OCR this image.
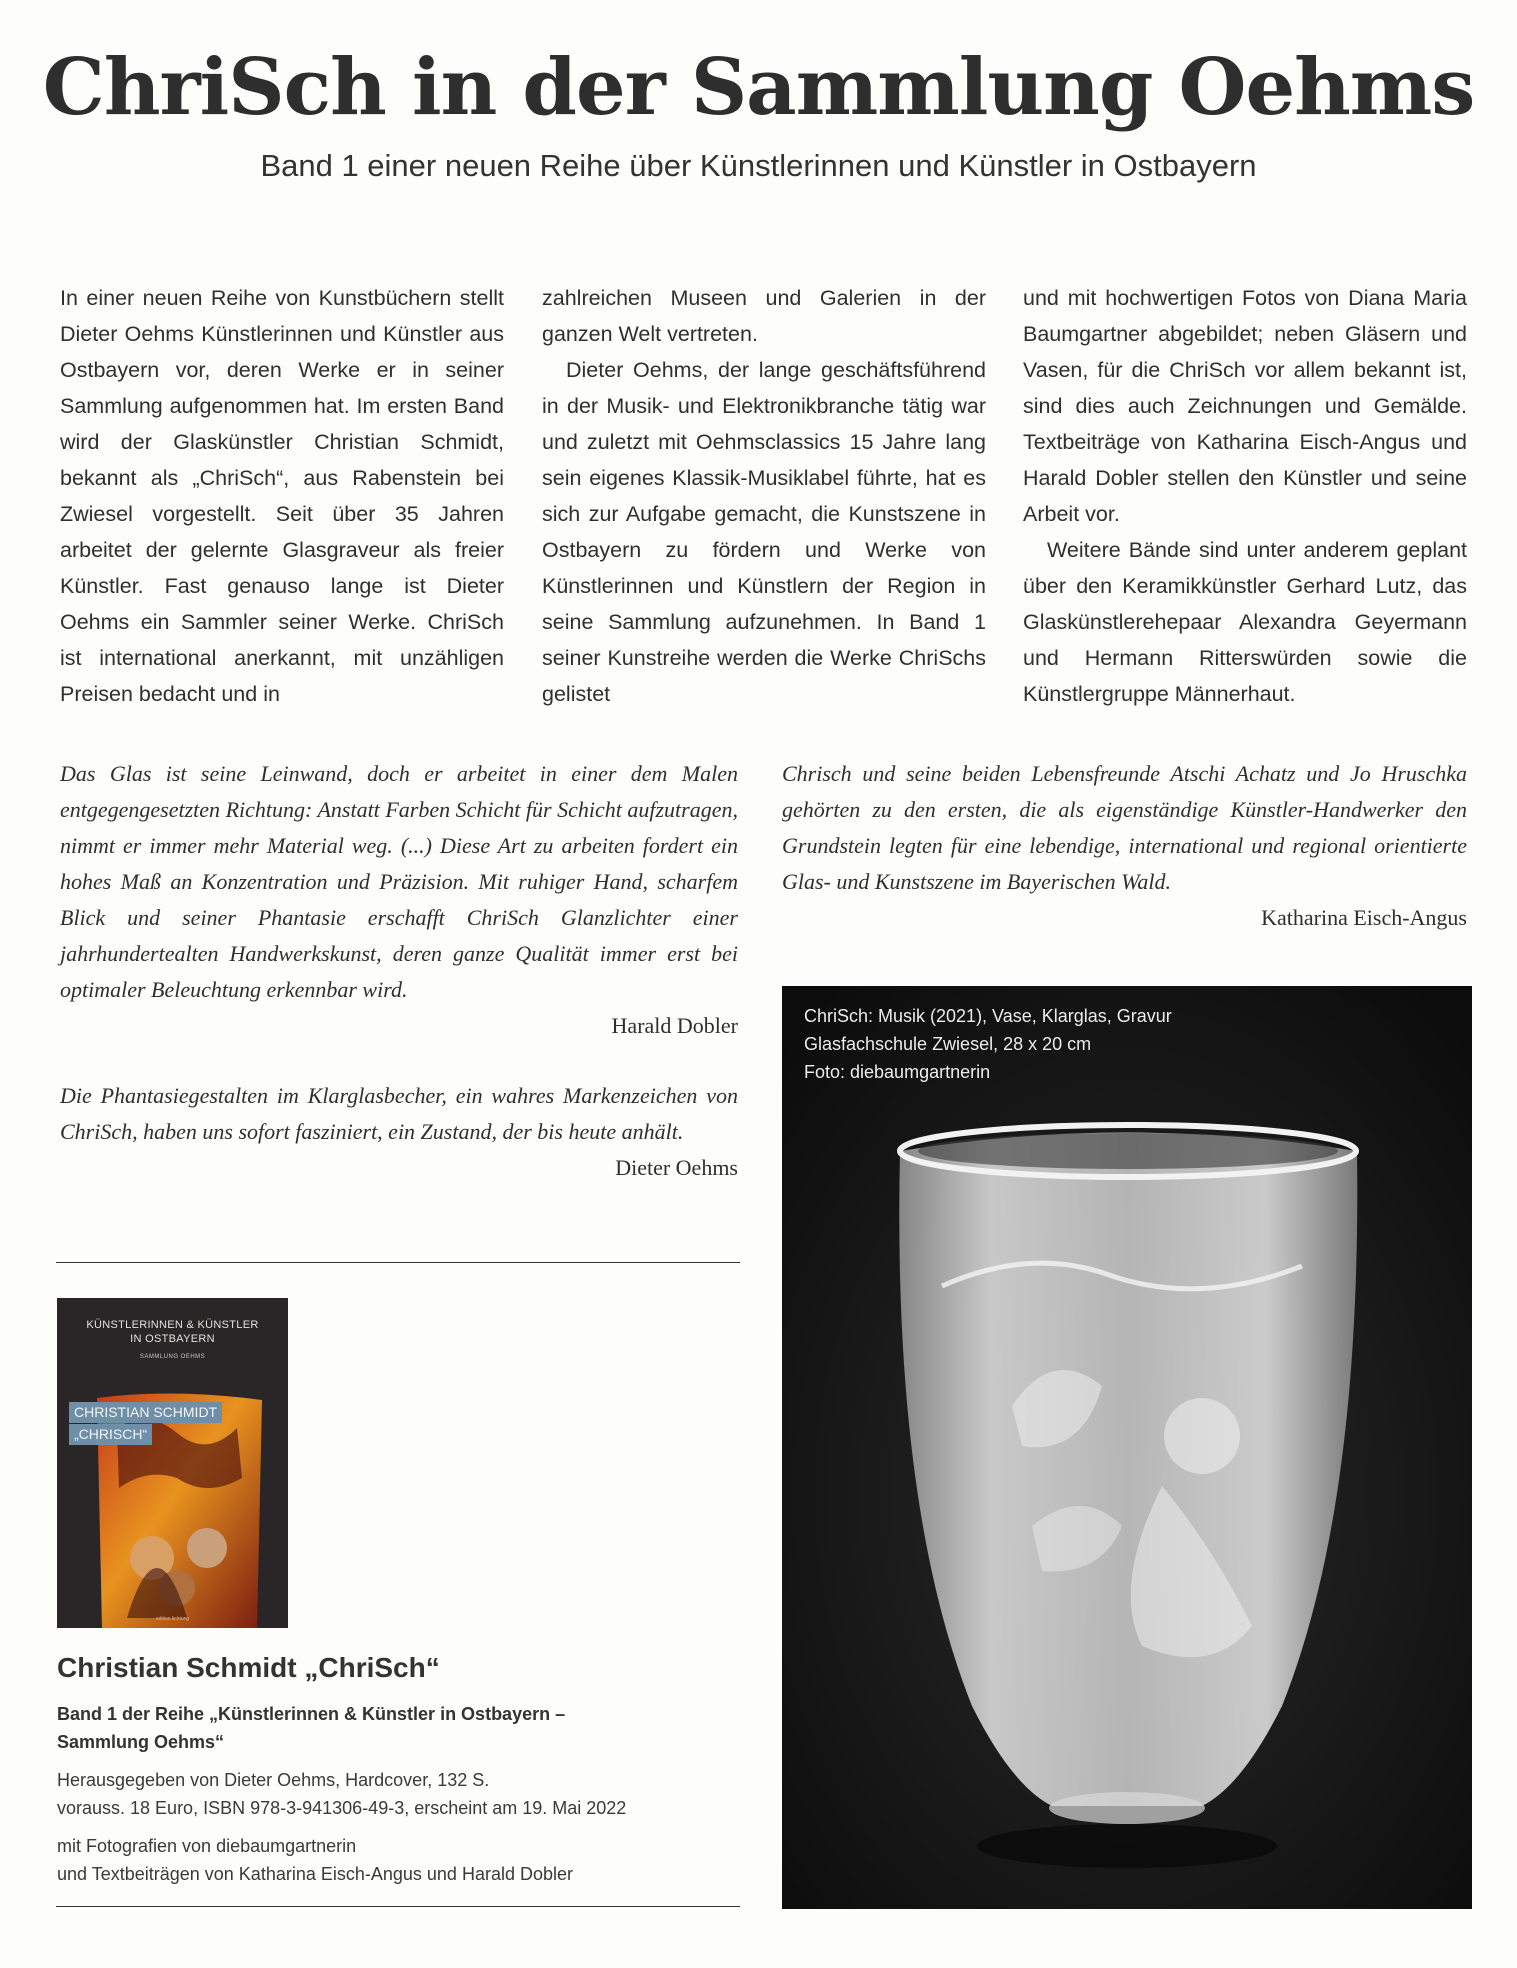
ChriSch in der Sammlung Oehms

Band 1 einer neuen Reihe über Künstlerinnen und Künstler in Ostbayern

In einer neuen Reihe von Kunstbüchern stellt Dieter Oehms Künstlerinnen und Künstler aus Ostbayern vor, deren Werke er in seiner Sammlung aufgenommen hat. Im ersten Band wird der Glaskünstler Christian Schmidt, bekannt als „ChriSch“, aus Rabenstein bei Zwiesel vorgestellt. Seit über 35 Jahren arbeitet der gelernte Glasgraveur als freier Künstler. Fast genauso lange ist Dieter Oehms ein Sammler seiner Werke. ChriSch ist international anerkannt, mit unzähligen Preisen bedacht und in

zahlreichen Museen und Galerien in der ganzen Welt vertreten.

Dieter Oehms, der lange geschäftsführend in der Musik- und Elektronikbranche tätig war und zuletzt mit Oehmsclassics 15 Jahre lang sein eigenes Klassik-Musiklabel führte, hat es sich zur Aufgabe gemacht, die Kunstszene in Ostbayern zu fördern und Werke von Künstlerinnen und Künstlern der Region in seine Sammlung aufzunehmen. In Band 1 seiner Kunstreihe werden die Werke ChriSchs gelistet

und mit hochwertigen Fotos von Diana Maria Baumgartner abgebildet; neben Gläsern und Vasen, für die ChriSch vor allem bekannt ist, sind dies auch Zeichnungen und Gemälde. Textbeiträge von Katharina Eisch-Angus und Harald Dobler stellen den Künstler und seine Arbeit vor.

Weitere Bände sind unter anderem geplant über den Keramikkünstler Gerhard Lutz, das Glaskünstlerehepaar Alexandra Geyermann und Hermann Ritterswürden sowie die Künstlergruppe Männerhaut.

Das Glas ist seine Leinwand, doch er arbeitet in einer dem Malen entgegengesetzten Richtung: Anstatt Farben Schicht für Schicht aufzutragen, nimmt er immer mehr Material weg. (...) Diese Art zu arbeiten fordert ein hohes Maß an Konzentration und Präzision. Mit ruhiger Hand, scharfem Blick und seiner Phantasie erschafft ChriSch Glanzlichter einer jahrhundertealten Handwerkskunst, deren ganze Qualität immer erst bei optimaler Beleuchtung erkennbar wird.

Harald Dobler

Die Phantasiegestalten im Klarglasbecher, ein wahres Markenzeichen von ChriSch, haben uns sofort fasziniert, ein Zustand, der bis heute anhält.

Dieter Oehms

Chrisch und seine beiden Lebensfreunde Atschi Achatz und Jo Hruschka gehörten zu den ersten, die als eigenständige Künstler-Handwerker den Grundstein legten für eine lebendige, international und regional orientierte Glas- und Kunstszene im Bayerischen Wald.

Katharina Eisch-Angus

KÜNSTLERINNEN & KÜNSTLER
IN OSTBAYERN
SAMMLUNG OEHMS
CHRISTIAN SCHMIDT
„CHRISCH“
edition lichtung

Christian Schmidt „ChriSch“

Band 1 der Reihe „Künstlerinnen & Künstler in Ostbayern –
Sammlung Oehms“
Herausgegeben von Dieter Oehms, Hardcover, 132 S.
vorauss. 18 Euro, ISBN 978-3-941306-49-3, erscheint am 19. Mai 2022
mit Fotografien von diebaumgartnerin
und Textbeiträgen von Katharina Eisch-Angus und Harald Dobler
ChriSch: Musik (2021), Vase, Klarglas, Gravur
Glasfachschule Zwiesel, 28 x 20 cm
Foto: diebaumgartnerin
